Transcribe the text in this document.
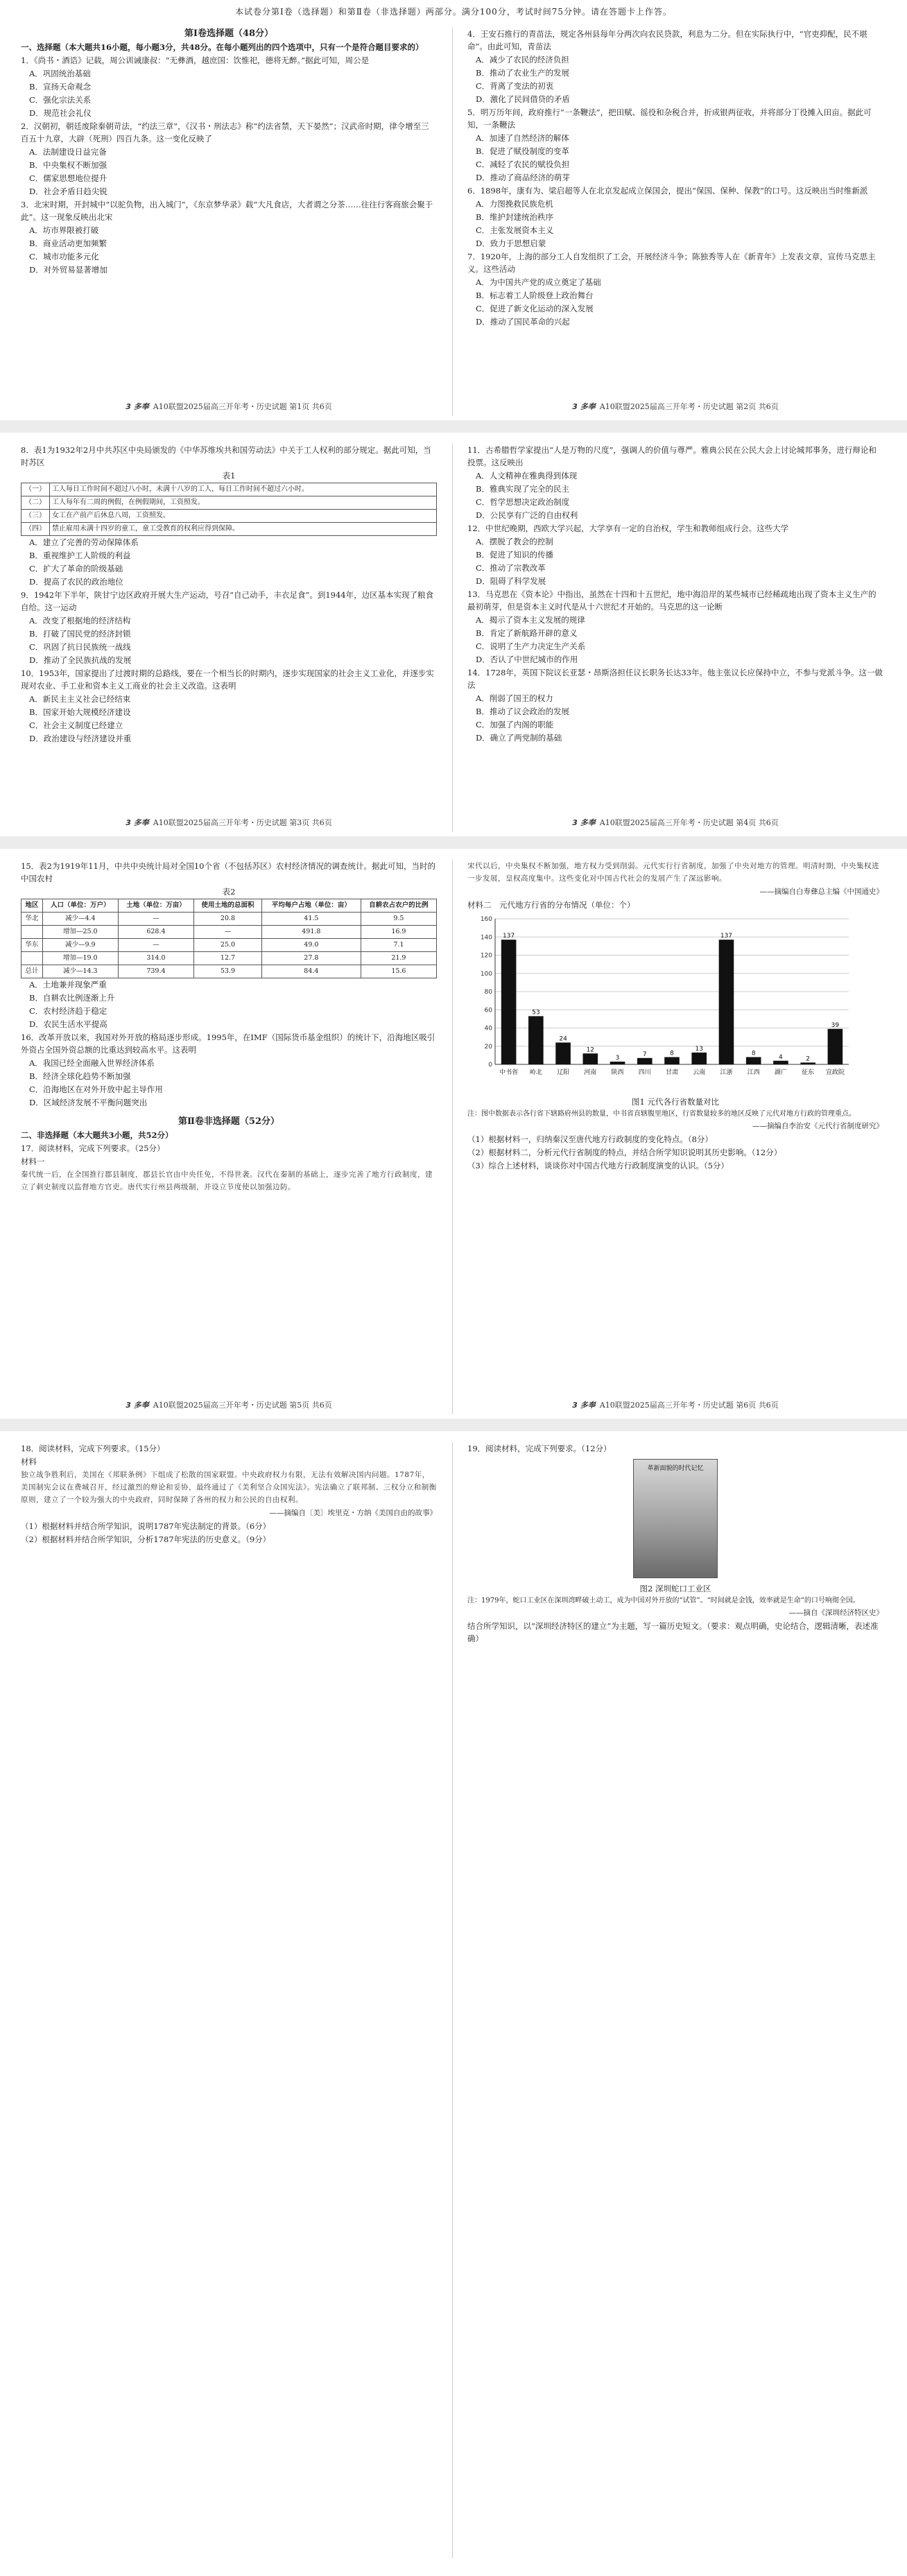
本试卷分第Ⅰ卷（选择题）和第Ⅱ卷（非选择题）两部分。满分100分，考试时间75分钟。请在答题卡上作答。

第Ⅰ卷选择题（48分）

一、选择题（本大题共16小题，每小题3分，共48分。在每小题列出的四个选项中，只有一个是符合题目要求的）

1．《尚书・酒诰》记载，周公训诫康叔：“无彝酒，越庶国：饮惟祀，德将无醉。”据此可知，周公是

A．巩固统治基础

B．宣扬天命观念

C．强化宗法关系

D．规范社会礼仪

2．汉朝初，朝廷废除秦朝苛法，“约法三章”，《汉书・刑法志》称“约法省禁，天下晏然”；汉武帝时期，律令增至三百五十九章，大辟（死刑）四百九条。这一变化反映了

A．法制建设日益完备

B．中央集权不断加强

C．儒家思想地位提升

D．社会矛盾日趋尖锐

3．北宋时期，开封城中“以驼负物，出入城门”，《东京梦华录》载“大凡食店，大者谓之分茶……往往行客商旅会聚于此”。这一现象反映出北宋

A．坊市界限被打破

B．商业活动更加频繁

C．城市功能多元化

D．对外贸易显著增加

4．王安石推行的青苗法，规定各州县每年分两次向农民贷款，利息为二分。但在实际执行中，“官吏抑配，民不堪命”。由此可知，青苗法

A．减少了农民的经济负担

B．推动了农业生产的发展

C．背离了变法的初衷

D．激化了民间借贷的矛盾

5．明万历年间，政府推行“一条鞭法”，把田赋、徭役和杂税合并，折成银两征收，并将部分丁役摊入田亩。据此可知，一条鞭法

A．加速了自然经济的解体

B．促进了赋役制度的变革

C．减轻了农民的赋役负担

D．推动了商品经济的萌芽

6．1898年，康有为、梁启超等人在北京发起成立保国会，提出“保国、保种、保教”的口号。这反映出当时维新派

A．力图挽救民族危机

B．维护封建统治秩序

C．主张发展资本主义

D．致力于思想启蒙

7．1920年，上海的部分工人自发组织了工会，开展经济斗争；陈独秀等人在《新青年》上发表文章，宣传马克思主义。这些活动

A．为中国共产党的成立奠定了基础

B．标志着工人阶级登上政治舞台

C．促进了新文化运动的深入发展

D．推动了国民革命的兴起

3 多奉 A10联盟2025届高三开年考・历史试题 第1页 共6页	3 多奉 A10联盟2025届高三开年考・历史试题 第2页 共6页

8．表1为1932年2月中共苏区中央局颁发的《中华苏维埃共和国劳动法》中关于工人权利的部分规定。据此可知，当时苏区

表1

（一）	工人每日工作时间不超过八小时，未满十八岁的工人，每日工作时间不超过六小时。
（二）	工人每年有二周的例假，在例假期间，工资照发。
（三）	女工在产前产后休息八周，工资照发。
（四）	禁止雇用未满十四岁的童工，童工受教育的权利应得到保障。

A．建立了完善的劳动保障体系

B．重视维护工人阶级的利益

C．扩大了革命的阶级基础

D．提高了农民的政治地位

9．1942年下半年，陕甘宁边区政府开展大生产运动，号召“自己动手，丰衣足食”。到1944年，边区基本实现了粮食自给。这一运动

A．改变了根据地的经济结构

B．打破了国民党的经济封锁

C．巩固了抗日民族统一战线

D．推动了全民族抗战的发展

10．1953年，国家提出了过渡时期的总路线，要在一个相当长的时期内，逐步实现国家的社会主义工业化，并逐步实现对农业、手工业和资本主义工商业的社会主义改造。这表明

A．新民主主义社会已经结束

B．国家开始大规模经济建设

C．社会主义制度已经建立

D．政治建设与经济建设并重

11．古希腊哲学家提出“人是万物的尺度”，强调人的价值与尊严。雅典公民在公民大会上讨论城邦事务，进行辩论和投票。这反映出

A．人文精神在雅典得到体现

B．雅典实现了完全的民主

C．哲学思想决定政治制度

D．公民享有广泛的自由权利

12．中世纪晚期，西欧大学兴起，大学享有一定的自治权，学生和教师组成行会。这些大学

A．摆脱了教会的控制

B．促进了知识的传播

C．推动了宗教改革

D．阻碍了科学发展

13．马克思在《资本论》中指出，虽然在十四和十五世纪，地中海沿岸的某些城市已经稀疏地出现了资本主义生产的最初萌芽，但是资本主义时代是从十六世纪才开始的。马克思的这一论断

A．揭示了资本主义发展的规律

B．肯定了新航路开辟的意义

C．说明了生产力决定生产关系

D．否认了中世纪城市的作用

14．1728年，英国下院议长亚瑟・昂斯洛担任议长职务长达33年。他主张议长应保持中立，不参与党派斗争。这一做法

A．削弱了国王的权力

B．推动了议会政治的发展

C．加强了内阁的职能

D．确立了两党制的基础

3 多奉 A10联盟2025届高三开年考・历史试题 第3页 共6页	3 多奉 A10联盟2025届高三开年考・历史试题 第4页 共6页

15．表2为1919年11月，中共中央统计局对全国10个省（不包括苏区）农村经济情况的调查统计。据此可知，当时的中国农村

表2

地区	人口（单位：万户）	土地（单位：万亩）	使用土地的总面积	平均每户占地（单位：亩）	自耕农占农户的比例
华北	减少—4.4	—	20.8	41.5	9.5
	增加—25.0	628.4	—	491.8	16.9
华东	减少—9.9	—	25.0	49.0	7.1
	增加—19.0	314.0	12.7	27.8	21.9
总计	减少—14.3	739.4	53.9	84.4	15.6

A．土地兼并现象严重

B．自耕农比例逐渐上升

C．农村经济趋于稳定

D．农民生活水平提高

16．改革开放以来，我国对外开放的格局逐步形成。1995年，在IMF（国际货币基金组织）的统计下，沿海地区吸引外资占全国外资总额的比重达到较高水平。这表明

A．我国已经全面融入世界经济体系

B．经济全球化趋势不断加强

C．沿海地区在对外开放中起主导作用

D．区域经济发展不平衡问题突出

第Ⅱ卷非选择题（52分）

二、非选择题（本大题共3小题，共52分）

17．阅读材料，完成下列要求。（25分）

材料一

秦代统一后，在全国推行郡县制度，郡县长官由中央任免，不得世袭。汉代在秦制的基础上，逐步完善了地方行政制度，建立了刺史制度以监督地方官吏。唐代实行州县两级制，并设立节度使以加强边防。

宋代以后，中央集权不断加强，地方权力受到削弱。元代实行行省制度，加强了中央对地方的管理。明清时期，中央集权进一步发展，皇权高度集中。这些变化对中国古代社会的发展产生了深远影响。

——摘编自白寿彝总主编《中国通史》

材料二　 元代地方行省的分布情况（单位：个）

0
20
40
60
80
100
120
140
160
137
中书省
53
岭北
24
辽阳
12
河南
3
陕西
7
四川
8
甘肃
13
云南
137
江浙
8
江西
4
湖广
2
征东
39
宣政院

图1 元代各行省数量对比

注：图中数据表示各行省下辖路府州县的数量，中书省直辖腹里地区，行省数量较多的地区反映了元代对地方行政的管理重点。

——摘编自李治安《元代行省制度研究》

（1）根据材料一，归纳秦汉至唐代地方行政制度的变化特点。（8分）

（2）根据材料二，分析元代行省制度的特点，并结合所学知识说明其历史影响。（12分）

（3）综合上述材料，谈谈你对中国古代地方行政制度演变的认识。（5分）

3 多奉 A10联盟2025届高三开年考・历史试题 第5页 共6页	3 多奉 A10联盟2025届高三开年考・历史试题 第6页 共6页

18．阅读材料，完成下列要求。（15分）

材料

独立战争胜利后，美国在《邦联条例》下组成了松散的国家联盟。中央政府权力有限，无法有效解决国内问题。1787年，美国制宪会议在费城召开，经过激烈的辩论和妥协，最终通过了《美利坚合众国宪法》。宪法确立了联邦制、三权分立和制衡原则，建立了一个较为强大的中央政府，同时保障了各州的权力和公民的自由权利。

——摘编自〔美〕埃里克・方纳《美国自由的故事》

（1）根据材料并结合所学知识，说明1787年宪法制定的背景。（6分）

（2）根据材料并结合所学知识，分析1787年宪法的历史意义。（9分）

19．阅读材料，完成下列要求。（12分）

革新面貌的时代记忆

图2 深圳蛇口工业区

注：1979年，蛇口工业区在深圳湾畔破土动工，成为中国对外开放的“试管”。“时间就是金钱，效率就是生命”的口号响彻全国。

——摘自《深圳经济特区史》

结合所学知识，以“深圳经济特区的建立”为主题，写一篇历史短文。（要求：观点明确，史论结合，逻辑清晰，表述准确）
